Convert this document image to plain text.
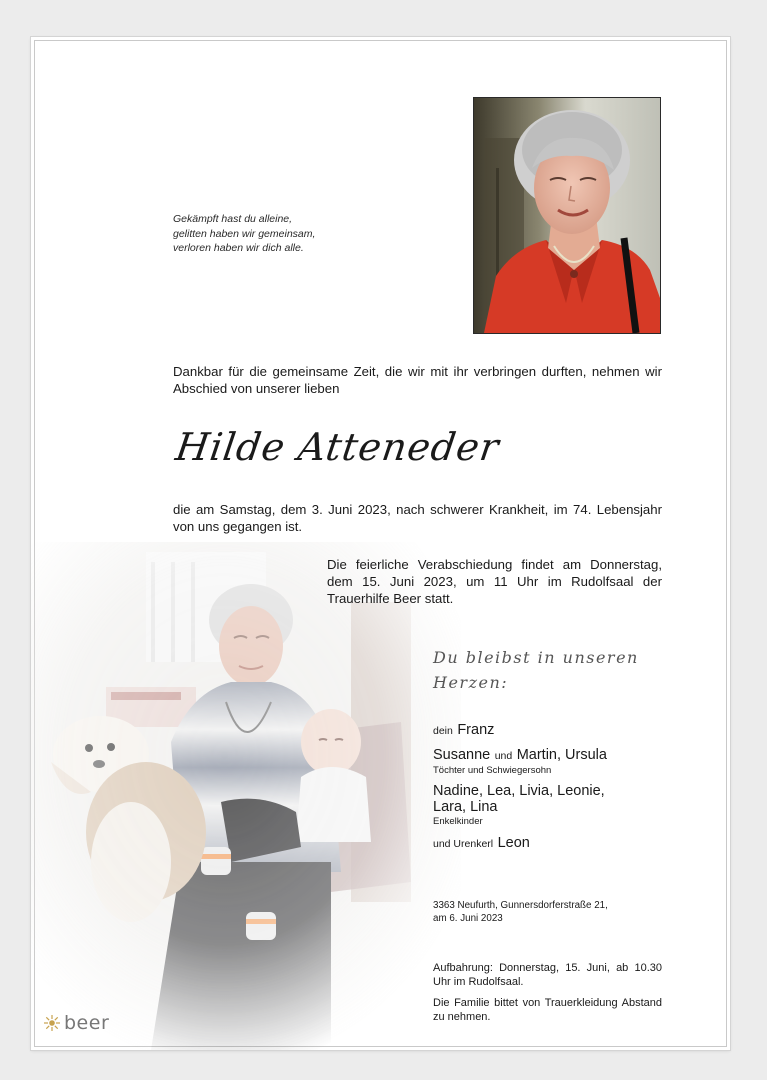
Gekämpft hast du alleine,
gelitten haben wir gemeinsam,
verloren haben wir dich alle.
Dankbar für die gemeinsame Zeit, die wir mit ihr verbringen durften, nehmen wir Abschied von unserer lieben
Hilde Atteneder
die am Samstag, dem 3. Juni 2023, nach schwerer Krankheit, im 74. Lebensjahr von uns gegangen ist.
Die feierliche Verabschiedung findet am Donnerstag, dem 15. Juni 2023, um 11 Uhr im Rudolfsaal der Trauerhilfe Beer statt.
Du bleibst in unseren
Herzen:
dein Franz
Susanne und Martin, Ursula
Töchter und Schwiegersohn
Nadine, Lea, Livia, Leonie,
Lara, Lina
Enkelkinder
und Urenkerl Leon
3363 Neufurth, Gunnersdorferstraße 21,
am 6. Juni 2023
Aufbahrung: Donnerstag, 15. Juni, ab 10.30 Uhr im Rudolfsaal.
Die Familie bittet von Trauerkleidung Abstand zu nehmen.
beer
